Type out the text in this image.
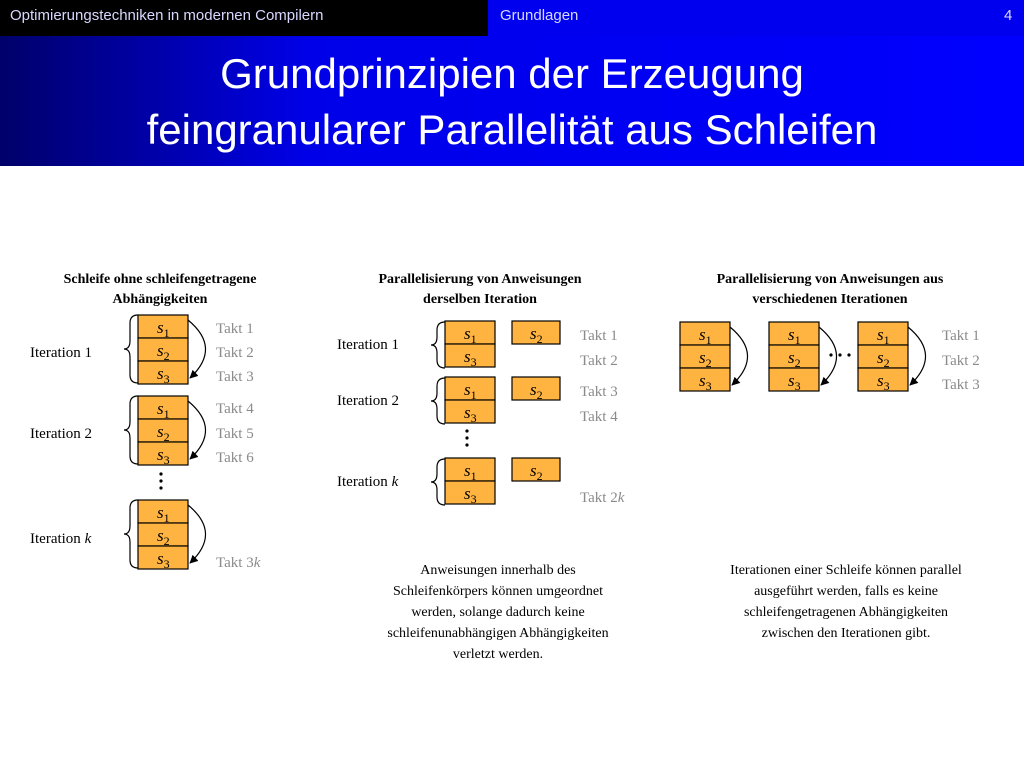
Optimierungstechniken in modernen Compilern	Grundlagen	4
Grundprinzipien der Erzeugung
feingranularer Parallelität aus Schleifen
Schleife ohne schleifengetragene
Abhängigkeiten
Parallelisierung von Anweisungen
derselben Iteration
Parallelisierung von Anweisungen aus
verschiedenen Iterationen
Anweisungen innerhalb des
Schleifenkörpers können umgeordnet
werden, solange dadurch keine
schleifenunabhängigen Abhängigkeiten
verletzt werden.
Iterationen einer Schleife können parallel
ausgeführt werden, falls es keine
schleifengetragenen Abhängigkeiten
zwischen den Iterationen gibt.
Iteration 1
$s_1$
$s_2$
$s_3$
Takt 1
Takt 2
Takt 3
Iteration 2
$s_1$
$s_2$
$s_3$
Takt 4
Takt 5
Takt 6
Iteration k
$s_1$
$s_2$
$s_3$	Takt 3k
Iteration 1
$s_1$
$s_3$
$s_2$ Takt 1
Takt 2
Iteration 2
$s_1$
$s_3$
$s_2$ Takt 3
Takt 4
Iteration k
$s_1$
$s_3$
$s_2$
Takt 2k
$s_1$
$s_2$
$s_3$
$s_1$
$s_2$
$s_3$
$s_1$
$s_2$
$s_3$
Takt 1
Takt 2
Takt 3
